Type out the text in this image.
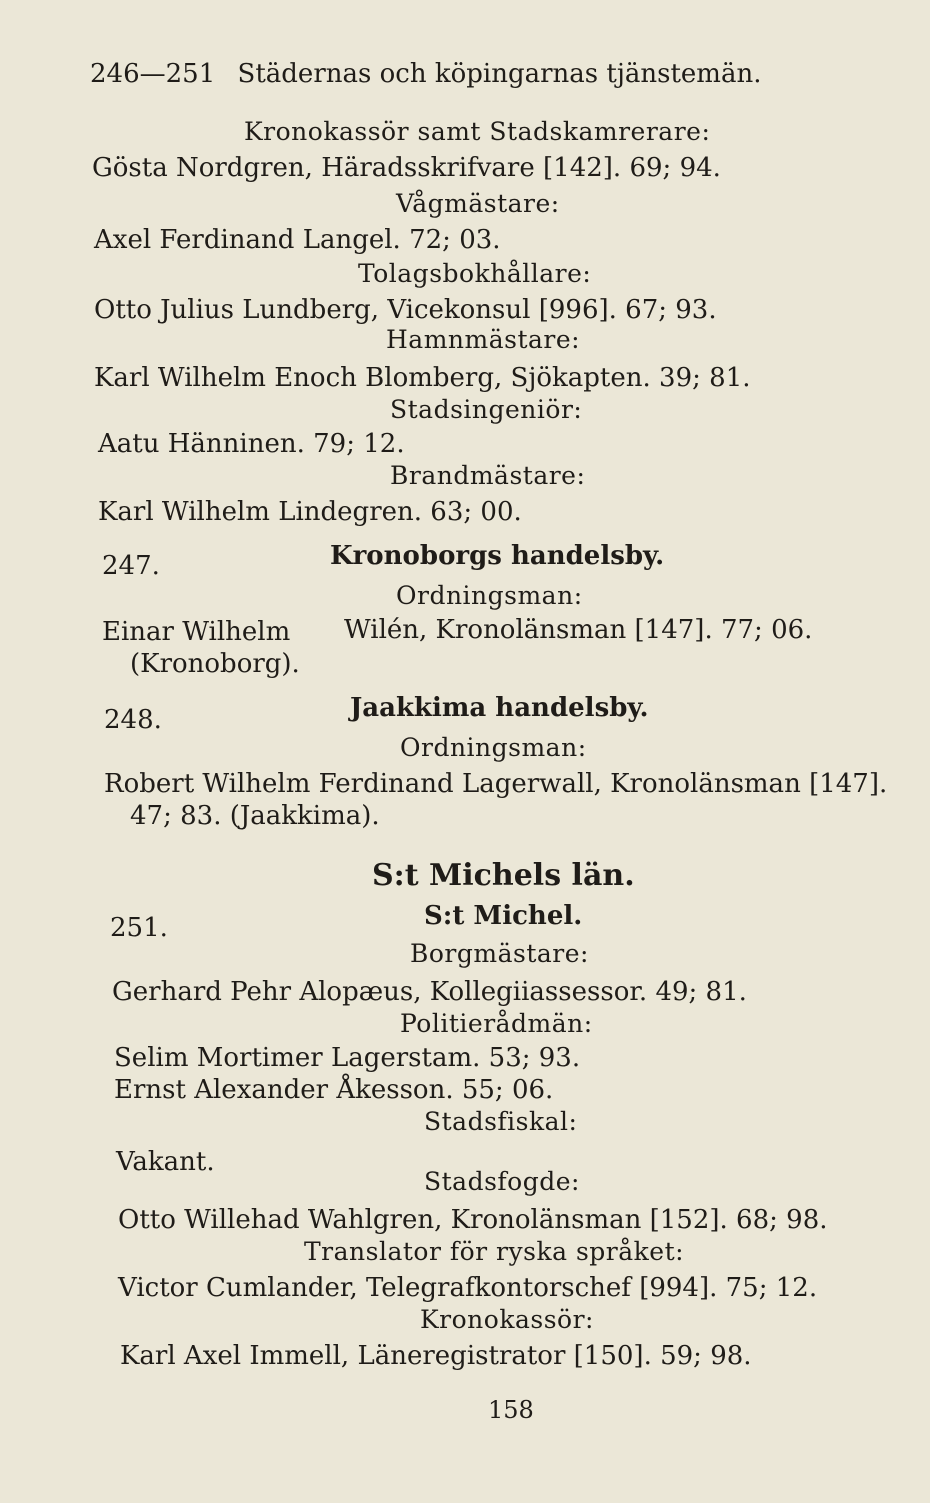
246—251 Städernas och köpingarnas tjänstemän.
Kronokassör samt Stadskamrerare:
Gösta Nordgren, Häradsskrifvare [142]. 69; 94.
Vågmästare:
Axel Ferdinand Langel. 72; 03.
Tolagsbokhållare:
Otto Julius Lundberg, Vicekonsul [996]. 67; 93.
Hamnmästare:
Karl Wilhelm Enoch Blomberg, Sjökapten. 39; 81.
Stadsingeniör:
Aatu Hänninen. 79; 12.
Brandmästare:
Karl Wilhelm Lindegren. 63; 00.
247.	Kronoborgs handelsby.
Ordningsman:
Einar Wilhelm Wilén, Kronolänsman [147]. 77; 06.
(Kronoborg).
248.	Jaakkima handelsby.
Ordningsman:
Robert Wilhelm Ferdinand Lagerwall, Kronolänsman [147].
47; 83. (Jaakkima).
S:t Michels län.
251.	S:t Michel.
Borgmästare:
Gerhard Pehr Alopæus, Kollegiiassessor. 49; 81.
Politierådmän:
Selim Mortimer Lagerstam. 53; 93.
Ernst Alexander Åkesson. 55; 06.
Stadsfiskal:
Vakant.
Stadsfogde:
Otto Willehad Wahlgren, Kronolänsman [152]. 68; 98.
Translator för ryska språket:
Victor Cumlander, Telegrafkontorschef [994]. 75; 12.
Kronokassör:
Karl Axel Immell, Läneregistrator [150]. 59; 98.
158
